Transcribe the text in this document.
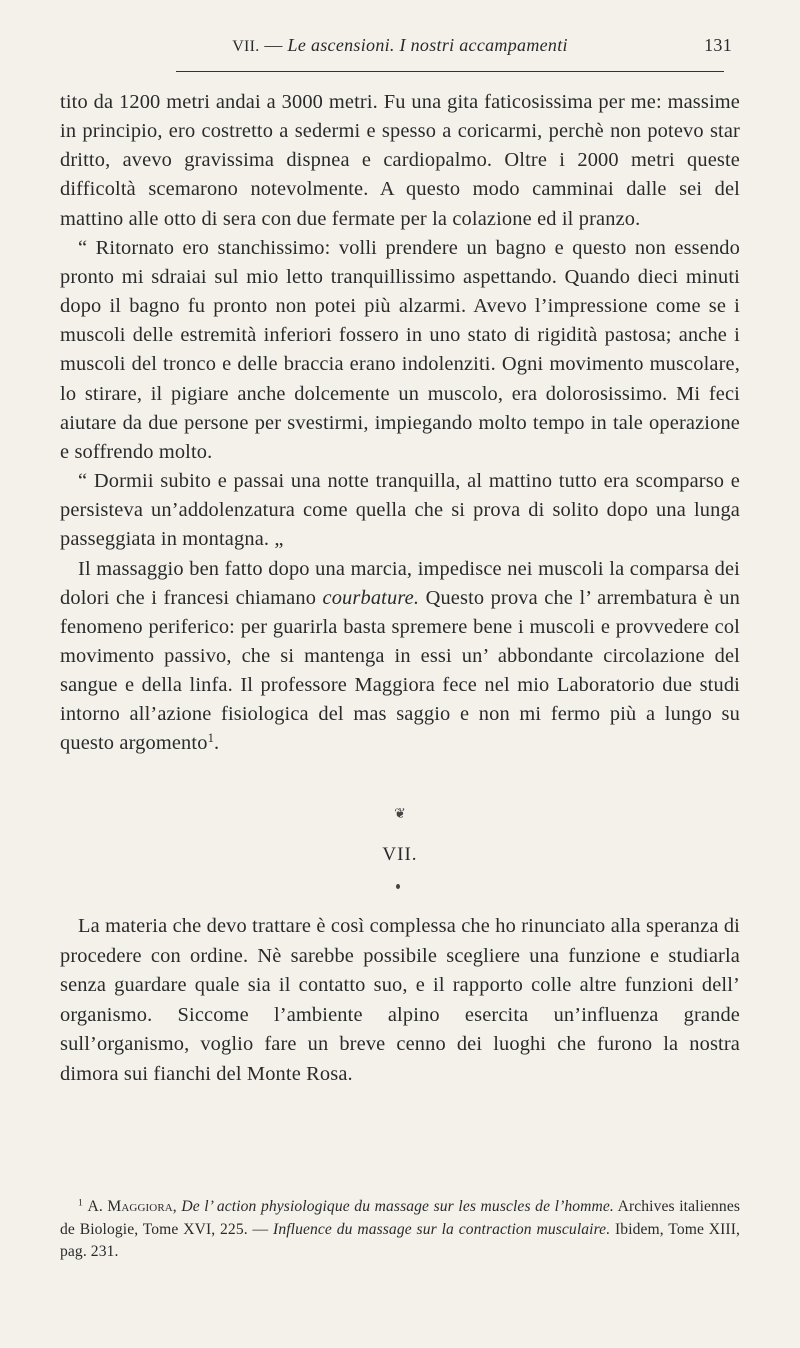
VII. — Le ascensioni. I nostri accampamenti	131

tito da 1200 metri andai a 3000 metri. Fu una gita faticosissima per me: massime in principio, ero costretto a sedermi e spesso a coricarmi, perchè non potevo star dritto, avevo gravissima dispnea e cardiopalmo. Oltre i 2000 metri queste difficoltà scemarono notevolmente. A questo modo camminai dalle sei del mattino alle otto di sera con due fermate per la colazione ed il pranzo.

“ Ritornato ero stanchissimo: volli prendere un bagno e questo non essendo pronto mi sdraiai sul mio letto tranquillissimo aspettando. Quando dieci minuti dopo il bagno fu pronto non potei più alzarmi. Avevo l’impressione come se i muscoli delle estremità inferiori fossero in uno stato di rigidità pastosa; anche i muscoli del tronco e delle braccia erano indolenziti. Ogni movimento muscolare, lo stirare, il pigiare anche dolcemente un muscolo, era dolorosissimo. Mi feci aiutare da due persone per svestirmi, impiegando molto tempo in tale operazione e soffrendo molto.

“ Dormii subito e passai una notte tranquilla, al mattino tutto era scomparso e persisteva un’addolenzatura come quella che si prova di solito dopo una lunga passeggiata in montagna. „

Il massaggio ben fatto dopo una marcia, impedisce nei muscoli la comparsa dei dolori che i francesi chiamano courbature. Questo prova che l’ arrembatura è un fenomeno periferico: per guarirla basta spremere bene i muscoli e provvedere col movimento passivo, che si mantenga in essi un’ abbondante circolazione del sangue e della linfa. Il professore Maggiora fece nel mio Laboratorio due studi intorno all’azione fisiologica del mas saggio e non mi fermo più a lungo su questo argomento$^1$.

❦
VII.

La materia che devo trattare è così complessa che ho rinunciato alla speranza di procedere con ordine. Nè sarebbe possibile scegliere una funzione e studiarla senza guardare quale sia il contatto suo, e il rapporto colle altre funzioni dell’ organismo. Siccome l’ambiente alpino esercita un’influenza grande sull’organismo, voglio fare un breve cenno dei luoghi che furono la nostra dimora sui fianchi del Monte Rosa.

$^1$ A. Maggiora, De l’ action physiologique du massage sur les muscles de l’homme. Archives italiennes de Biologie, Tome XVI, 225. — Influence du massage sur la contraction musculaire. Ibidem, Tome XIII, pag. 231.
